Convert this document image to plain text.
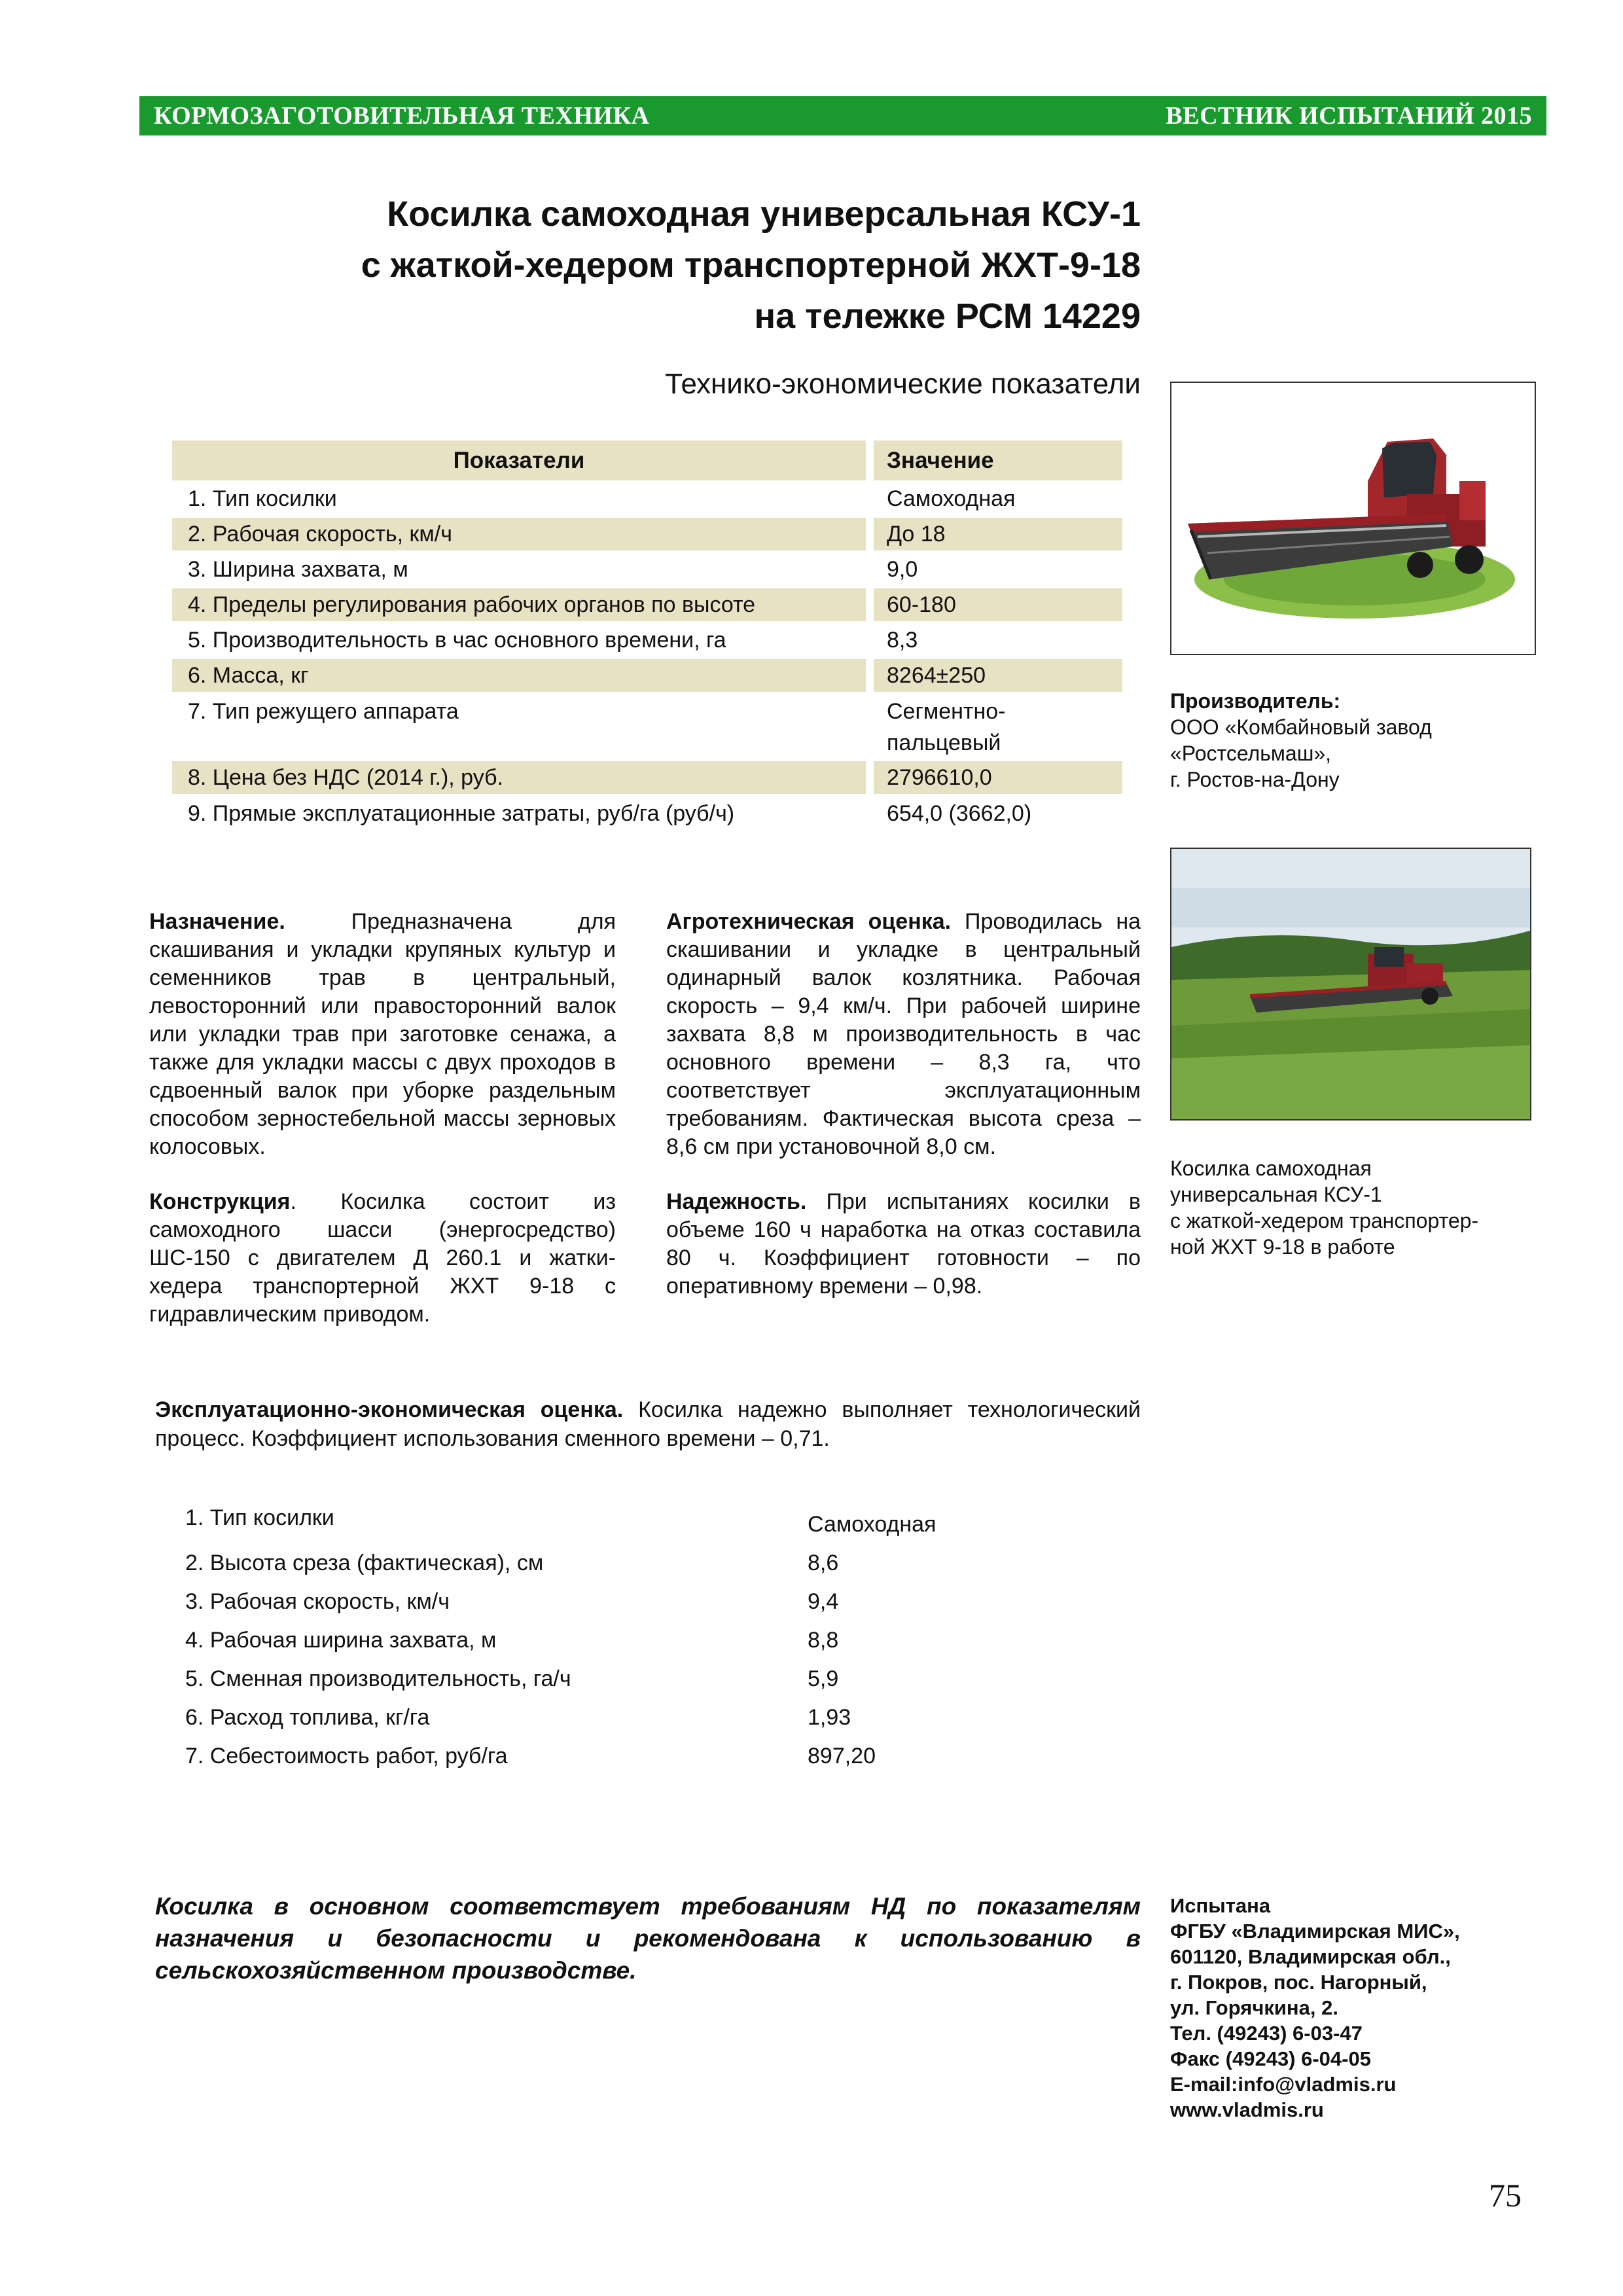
КОРМОЗАГОТОВИТЕЛЬНАЯ ТЕХНИКА	ВЕСТНИК ИСПЫТАНИЙ 2015
Косилка самоходная универсальная КСУ-1
с жаткой-хедером транспортерной ЖХТ-9-18
на тележке РСМ 14229
Технико-экономические показатели
Показатели	Значение
1. Тип косилки	Самоходная
2. Рабочая скорость, км/ч	До 18
3. Ширина захвата, м	9,0
4. Пределы регулирования рабочих органов по высоте	60-180
5. Производительность в час основного времени, га	8,3
6. Масса, кг	8264±250
7. Тип режущего аппарата	Сегментно-
пальцевый
8. Цена без НДС (2014 г.), руб.	2796610,0
9. Прямые эксплуатационные затраты, руб/га (руб/ч)	654,0 (3662,0)
Производитель:
ООО «Комбайновый завод
«Ростсельмаш»,
г. Ростов-на-Дону
Косилка самоходная
универсальная КСУ-1
с жаткой-хедером транспортер-
ной ЖХТ 9-18 в работе

Назначение.	Предназначена для скашивания и укладки крупяных культур и семенников трав в центральный, левосторонний или правосторонний валок или укладки трав при заготовке сенажа, а также для укладки массы с двух проходов в сдвоенный валок при уборке раздельным способом зерностебельной массы зерновых колосовых.

Конструкция. Косилка состоит из самоходного шасси (энергосредство) ШС-150 с двигателем Д 260.1 и жатки-хедера транспортерной ЖХТ 9-18 с гидравлическим приводом.

Агротехническая оценка. Проводилась на скашивании и укладке в центральный одинарный валок козлятника. Рабочая скорость – 9,4 км/ч. При рабочей ширине захвата 8,8 м производительность в час основного времени – 8,3 га, что соответствует эксплуатационным требованиям. Фактическая высота среза – 8,6 см при установочной 8,0 см.

Надежность. При испытаниях косилки в объеме 160 ч наработка на отказ составила 80 ч. Коэффициент готовности – по оперативному времени – 0,98.

Эксплуатационно-экономическая оценка. Косилка надежно выполняет технологический процесс. Коэффициент использования сменного времени – 0,71.
1. Тип косилки	Самоходная
2. Высота среза (фактическая), см	8,6
3. Рабочая скорость, км/ч	9,4
4. Рабочая ширина захвата, м	8,8
5. Сменная производительность, га/ч	5,9
6. Расход топлива, кг/га	1,93
7. Себестоимость работ, руб/га	897,20
Косилка в основном соответствует требованиям НД по показателям назначения и безопасности и рекомендована к использованию в сельскохозяйственном производстве.
Испытана
ФГБУ «Владимирская МИС»,
601120, Владимирская обл.,
г. Покров, пос. Нагорный,
ул. Горячкина, 2.
Тел. (49243) 6-03-47
Факс (49243) 6-04-05
E-mail:info@vladmis.ru
www.vladmis.ru
75
